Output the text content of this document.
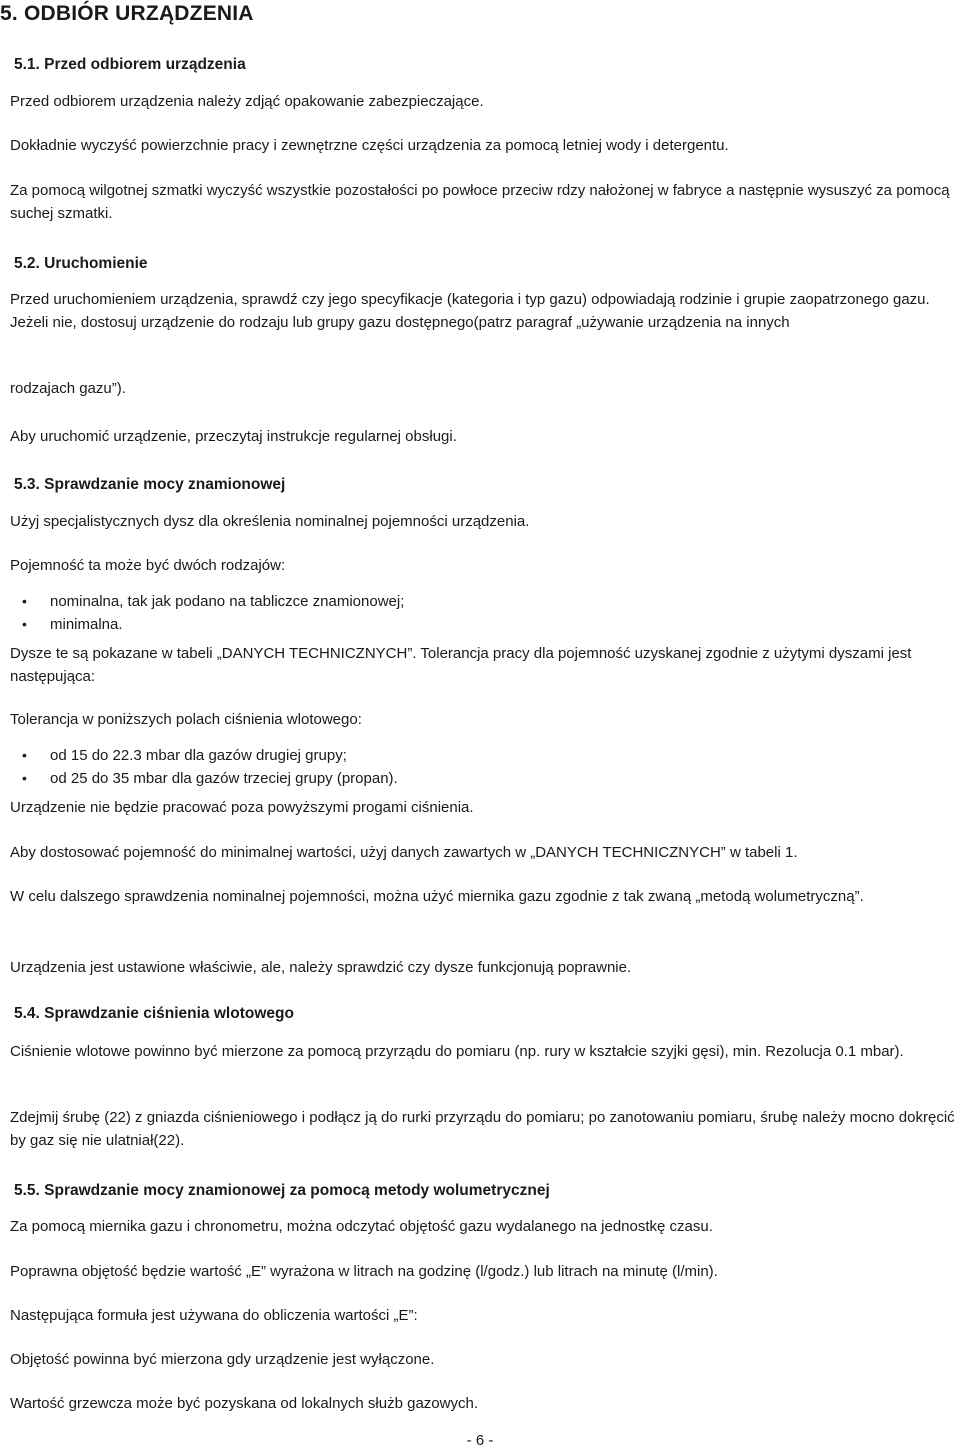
5. ODBIÓR URZĄDZENIA
5.1. Przed odbiorem urządzenia

Przed odbiorem urządzenia należy zdjąć opakowanie zabezpieczające.

Dokładnie wyczyść powierzchnie pracy i zewnętrzne części urządzenia za pomocą letniej wody i detergentu.

Za pomocą wilgotnej szmatki wyczyść wszystkie pozostałości po powłoce przeciw rdzy nałożonej w fabryce a następnie wysuszyć za pomocą suchej szmatki.

5.2. Uruchomienie

Przed uruchomieniem urządzenia, sprawdź czy jego specyfikacje (kategoria i typ gazu) odpowiadają rodzinie i grupie zaopatrzonego gazu. Jeżeli nie, dostosuj urządzenie do rodzaju lub grupy gazu dostępnego(patrz paragraf „używanie urządzenia na innych

rodzajach gazu”).

Aby uruchomić urządzenie, przeczytaj instrukcje regularnej obsługi.

5.3. Sprawdzanie mocy znamionowej

Użyj specjalistycznych dysz dla określenia nominalnej pojemności urządzenia.

Pojemność ta może być dwóch rodzajów:

• nominalna, tak jak podano na tabliczce znamionowej;
• minimalna.

Dysze te są pokazane w tabeli „DANYCH TECHNICZNYCH”. Tolerancja pracy dla pojemność uzyskanej zgodnie z użytymi dyszami jest następująca:

Tolerancja w poniższych polach ciśnienia wlotowego:

• od 15 do 22.3 mbar dla gazów drugiej grupy;
• od 25 do 35 mbar dla gazów trzeciej grupy (propan).

Urządzenie nie będzie pracować poza powyższymi progami ciśnienia.

Aby dostosować pojemność do minimalnej wartości, użyj danych zawartych w „DANYCH TECHNICZNYCH” w tabeli 1.

W celu dalszego sprawdzenia nominalnej pojemności, można użyć miernika gazu zgodnie z tak zwaną „metodą wolumetryczną”.

Urządzenia jest ustawione właściwie, ale, należy sprawdzić czy dysze funkcjonują poprawnie.

5.4. Sprawdzanie ciśnienia wlotowego

Ciśnienie wlotowe powinno być mierzone za pomocą przyrządu do pomiaru (np. rury w kształcie szyjki gęsi), min. Rezolucja 0.1 mbar).

Zdejmij śrubę (22) z gniazda ciśnieniowego i podłącz ją do rurki przyrządu do pomiaru; po zanotowaniu pomiaru, śrubę należy mocno dokręcić by gaz się nie ulatniał(22).

5.5. Sprawdzanie mocy znamionowej za pomocą metody wolumetrycznej

Za pomocą miernika gazu i chronometru, można odczytać objętość gazu wydalanego na jednostkę czasu.

Poprawna objętość będzie wartość „E” wyrażona w litrach na godzinę (l/godz.) lub litrach na minutę (l/min).

Następująca formuła jest używana do obliczenia wartości „E”:

Objętość powinna być mierzona gdy urządzenie jest wyłączone.

Wartość grzewcza może być pozyskana od lokalnych służb gazowych.

- 6 -
